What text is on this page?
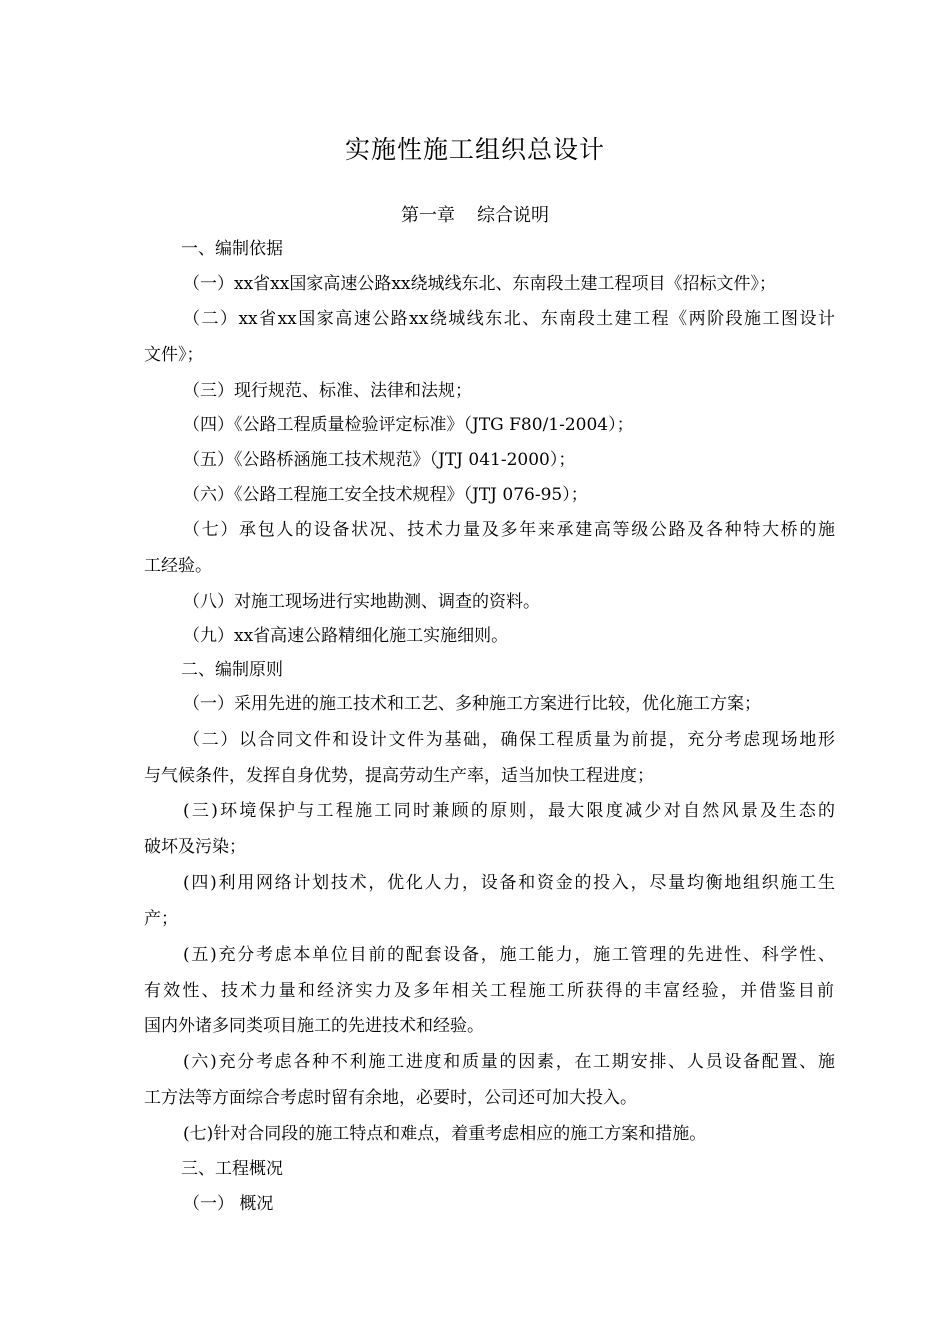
实施性施工组织总设计
第一章 综合说明
一、编制依据
（一）xx省xx国家高速公路xx绕城线东北、东南段土建工程项目《招标文件》；
（二）xx省xx国家高速公路xx绕城线东北、东南段土建工程《两阶段施工图设计
文件》；
（三）现行规范、标准、法律和法规；
（四）《公路工程质量检验评定标准》（JTG F80/1-2004）；
（五）《公路桥涵施工技术规范》（JTJ 041-2000）；
（六）《公路工程施工安全技术规程》（JTJ 076-95）；
（七）承包人的设备状况、技术力量及多年来承建高等级公路及各种特大桥的施
工经验。
（八）对施工现场进行实地勘测、调查的资料。
（九）xx省高速公路精细化施工实施细则。
二、编制原则
（一）采用先进的施工技术和工艺、多种施工方案进行比较，优化施工方案；
（二）以合同文件和设计文件为基础，确保工程质量为前提，充分考虑现场地形
与气候条件，发挥自身优势，提高劳动生产率，适当加快工程进度；
(三)环境保护与工程施工同时兼顾的原则，最大限度减少对自然风景及生态的
破坏及污染；
(四)利用网络计划技术，优化人力，设备和资金的投入，尽量均衡地组织施工生
产；
(五)充分考虑本单位目前的配套设备，施工能力，施工管理的先进性、科学性、
有效性、技术力量和经济实力及多年相关工程施工所获得的丰富经验，并借鉴目前
国内外诸多同类项目施工的先进技术和经验。
(六)充分考虑各种不利施工进度和质量的因素，在工期安排、人员设备配置、施
工方法等方面综合考虑时留有余地，必要时，公司还可加大投入。
(七)针对合同段的施工特点和难点，着重考虑相应的施工方案和措施。
三、工程概况
（一） 概况
